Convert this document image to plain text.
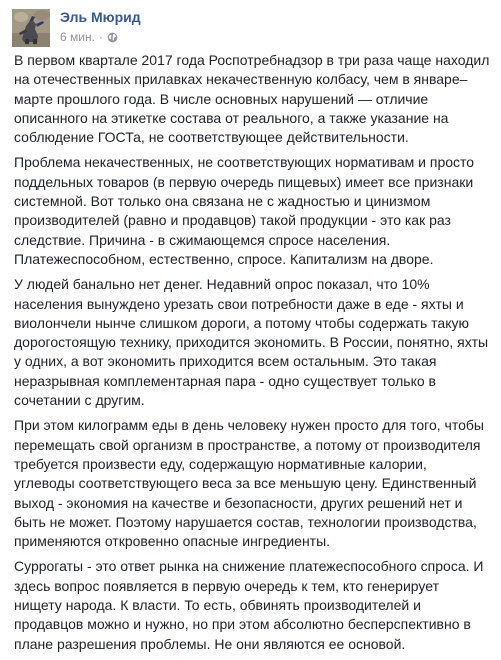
Эль Мюрид
6 мин. ·

В первом квартале 2017 года Роспотребнадзор в три раза чаще находил на отечественных прилавках некачественную колбасу, чем в январе–марте прошлого года. В числе основных нарушений — отличие описанного на этикетке состава от реального, а также указание на соблюдение ГОСТа, не соответствующее действительности.

Проблема некачественных, не соответствующих нормативам и просто поддельных товаров (в первую очередь пищевых) имеет все признаки системной. Вот только она связана не с жадностью и цинизмом производителей (равно и продавцов) такой продукции - это как раз следствие. Причина - в сжимающемся спросе населения. Платежеспособном, естественно, спросе. Капитализм на дворе.

У людей банально нет денег. Недавний опрос показал, что 10% населения вынуждено урезать свои потребности даже в еде - яхты и виолончели нынче слишком дороги, а потому чтобы содержать такую дорогостоящую технику, приходится экономить. В России, понятно, яхты у одних, а вот экономить приходится всем остальным. Это такая неразрывная комплементарная пара - одно существует только в сочетании с другим.

При этом килограмм еды в день человеку нужен просто для того, чтобы перемещать свой организм в пространстве, а потому от производителя требуется произвести еду, содержащую нормативные калории, углеводы соответствующего веса за все меньшую цену. Единственный выход - экономия на качестве и безопасности, других решений нет и быть не может. Поэтому нарушается состав, технологии производства, применяются откровенно опасные ингредиенты.

Суррогаты - это ответ рынка на снижение платежеспособного спроса. И здесь вопрос появляется в первую очередь к тем, кто генерирует нищету народа. К власти. То есть, обвинять производителей и продавцов можно и нужно, но при этом абсолютно бесперспективно в плане разрешения проблемы. Не они являются ее основой.
